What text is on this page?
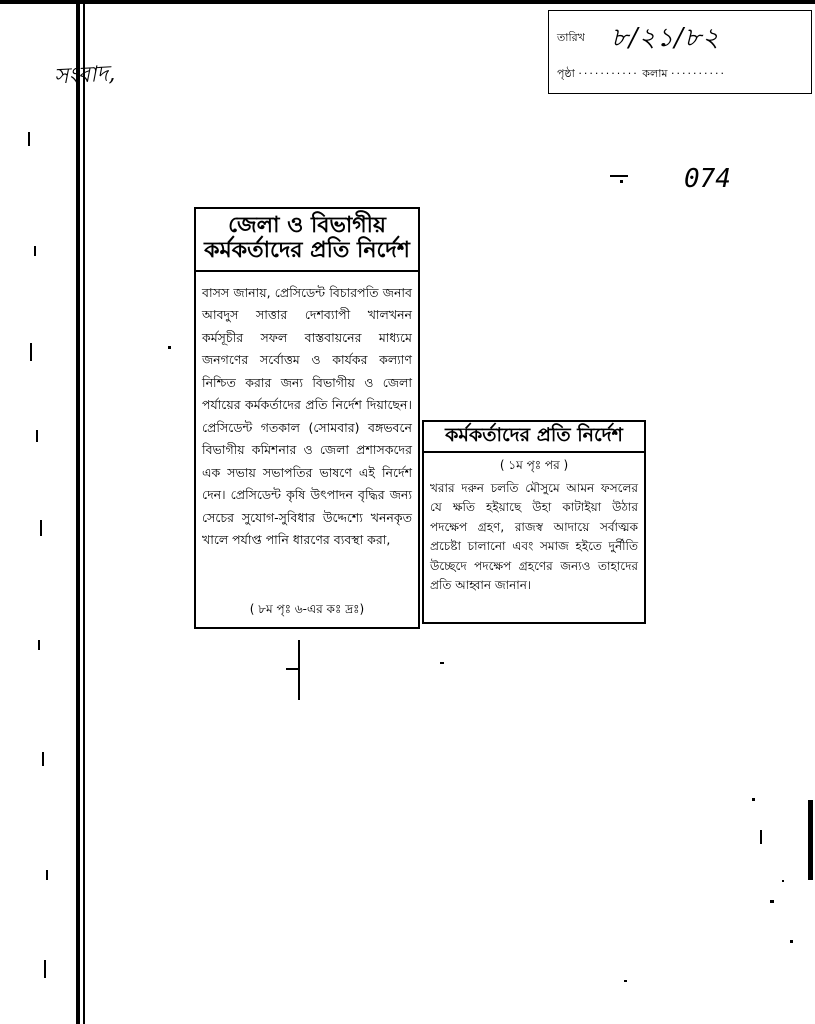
সংবাদ,
তারিখ ৮/২১/৮২
পৃষ্ঠা ··········· কলাম ··········
074
জেলা ও বিভাগীয় কর্মকর্তাদের প্রতি নির্দেশ
বাসস জানায়, প্রেসিডেন্ট বিচারপতি জনাব আবদুস সাত্তার দেশব্যাপী খালখনন কর্মসূচীর সফল বাস্তবায়নের মাধ্যমে জনগণের সর্বোত্তম ও কার্যকর কল্যাণ নিশ্চিত করার জন্য বিভাগীয় ও জেলা পর্যায়ের কর্মকর্তাদের প্রতি নির্দেশ দিয়াছেন। প্রেসিডেন্ট গতকাল (সোমবার) বঙ্গভবনে বিভাগীয় কমিশনার ও জেলা প্রশাসকদের এক সভায় সভাপতির ভাষণে এই নির্দেশ দেন। প্রেসিডেন্ট কৃষি উৎপাদন বৃদ্ধির জন্য সেচের সুযোগ-সুবিধার উদ্দেশ্যে খননকৃত খালে পর্যাপ্ত পানি ধারণের ব্যবস্থা করা,
( ৮ম পৃঃ ৬-এর কঃ দ্রঃ)
কর্মকর্তাদের প্রতি নির্দেশ
( ১ম পৃঃ পর )
খরার দরুন চলতি মৌসুমে আমন ফসলের যে ক্ষতি হইয়াছে উহা কাটাইয়া উঠার পদক্ষেপ গ্রহণ, রাজস্ব আদায়ে সর্বাত্মক প্রচেষ্টা চালানো এবং সমাজ হইতে দুর্নীতি উচ্ছেদে পদক্ষেপ গ্রহণের জন্যও তাহাদের প্রতি আহ্বান জানান।
